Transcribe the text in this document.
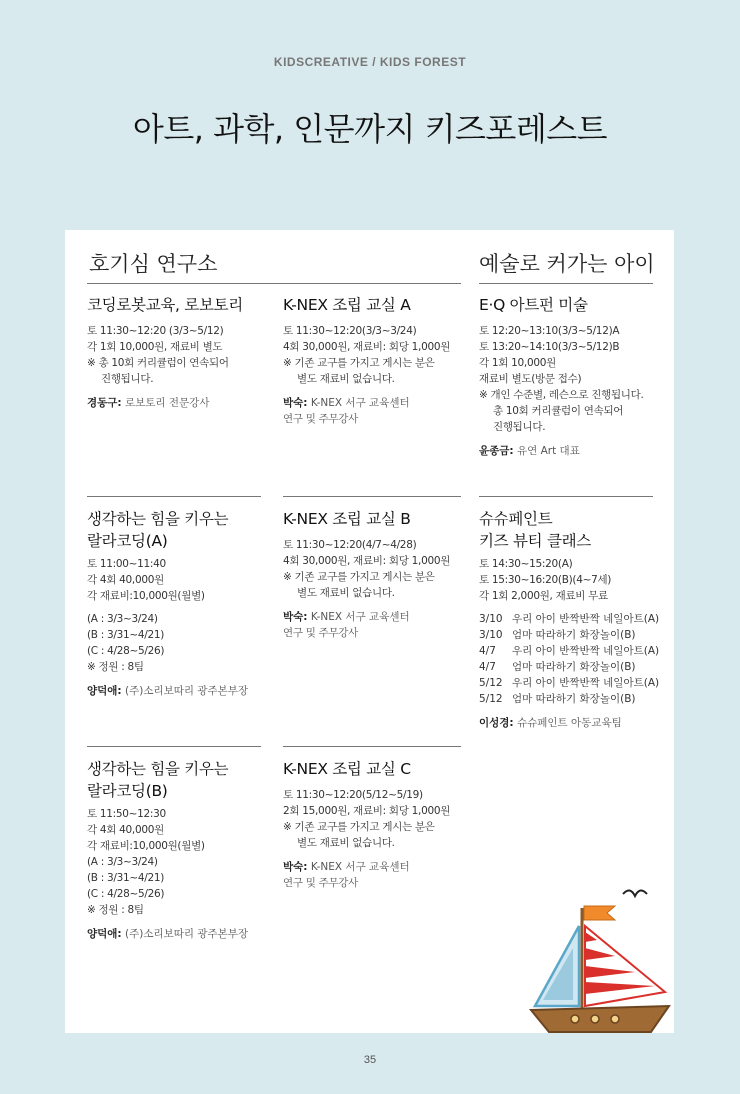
KIDSCREATIVE / KIDS FOREST
아트, 과학, 인문까지 키즈포레스트
호기심 연구소	예술로 커가는 아이
코딩로봇교육, 로보토리
토 11:30~12:20 (3/3~5/12)
각 1회 10,000원, 재료비 별도
※ 총 10회 커리큘럼이 연속되어
진행됩니다.
경동구: 로보토리 전문강사
K-NEX 조립 교실 A
토 11:30~12:20(3/3~3/24)
4회 30,000원, 재료비: 회당 1,000원
※ 기존 교구를 가지고 게시는 분은
별도 재료비 없습니다.
박숙: K-NEX 서구 교육센터
연구 및 주무강사
E·Q 아트펀 미술
토 12:20~13:10(3/3~5/12)A
토 13:20~14:10(3/3~5/12)B
각 1회 10,000원
재료비 별도(방문 접수)
※ 개인 수준별, 레슨으로 진행됩니다.
총 10회 커리큘럼이 연속되어
진행됩니다.
윤종금: 유연 Art 대표
생각하는 힘을 키우는
랄라코딩(A)
토 11:00~11:40
각 4회 40,000원
각 재료비:10,000원(월별)
(A : 3/3~3/24)
(B : 3/31~4/21)
(C : 4/28~5/26)
※ 정원 : 8팀
양덕애: (주)소리보따리 광주본부장
K-NEX 조립 교실 B
토 11:30~12:20(4/7~4/28)
4회 30,000원, 재료비: 회당 1,000원
※ 기존 교구를 가지고 게시는 분은
별도 재료비 없습니다.
박숙: K-NEX 서구 교육센터
연구 및 주무강사
슈슈페인트
키즈 뷰티 클래스
토 14:30~15:20(A)
토 15:30~16:20(B)(4~7세)
각 1회 2,000원, 재료비 무료
3/10 우리 아이 반짝반짝 네일아트(A)
3/10 엄마 따라하기 화장놀이(B)
4/7	우리 아이 반짝반짝 네일아트(A)
4/7	엄마 따라하기 화장놀이(B)
5/12 우리 아이 반짝반짝 네일아트(A)
5/12 엄마 따라하기 화장놀이(B)
이성경: 슈슈페인트 아동교육팀
생각하는 힘을 키우는
랄라코딩(B)
토 11:50~12:30
각 4회 40,000원
각 재료비:10,000원(월별)
(A : 3/3~3/24)
(B : 3/31~4/21)
(C : 4/28~5/26)
※ 정원 : 8팀
양덕애: (주)소리보따리 광주본부장
K-NEX 조립 교실 C
토 11:30~12:20(5/12~5/19)
2회 15,000원, 재료비: 회당 1,000원
※ 기존 교구를 가지고 게시는 분은
별도 재료비 없습니다.
박숙: K-NEX 서구 교육센터
연구 및 주무강사
35
